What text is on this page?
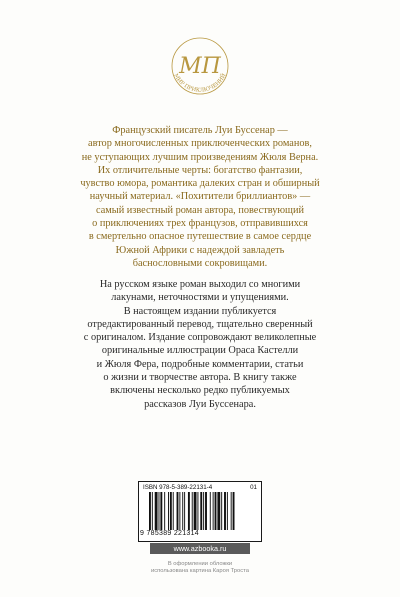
МИР ПРИКЛЮЧЕНИЙ
МП

Французский писатель Луи Буссенар —
автор многочисленных приключенческих романов,
не уступающих лучшим произведениям Жюля Верна.
Их отличительные черты: богатство фантазии,
чувство юмора, романтика далеких стран и обширный
научный материал. «Похитители бриллиантов» —
самый известный роман автора, повествующий
о приключениях трех французов, отправившихся
в смертельно опасное путешествие в самое сердце
Южной Африки с надеждой завладеть
баснословными сокровищами.

На русском языке роман выходил со многими
лакунами, неточностями и упущениями.
В настоящем издании публикуется
отредактированный перевод, тщательно сверенный
с оригиналом. Издание сопровождают великолепные
оригинальные иллюстрации Ораса Кастелли
и Жюля Фера, подробные комментарии, статьи
о жизни и творчестве автора. В книгу также
включены несколько редко публикуемых
рассказов Луи Буссенара.

ISBN 978-5-389-22131-4	01
9 785389 221314
www.azbooka.ru
В оформлении обложки
использована картина Кароя Троста
